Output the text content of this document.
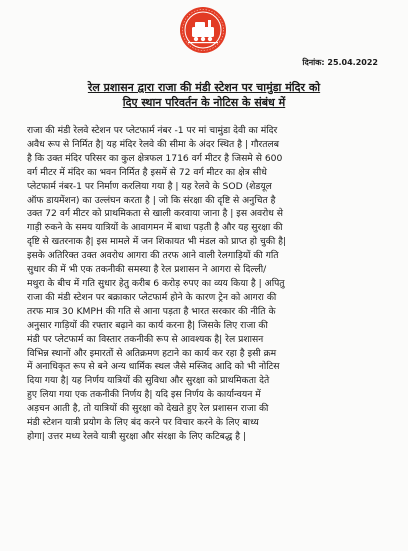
दिनांक: 25.04.2022
रेल प्रशासन द्वारा राजा की मंडी स्टेशन पर चामुंडा मंदिर को
दिए स्थान परिवर्तन के नोटिस के संबंध में
राजा की मंडी रेलवे स्टेशन पर प्लेटफार्म नंबर -1 पर मां चामुंडा देवी का मंदिर
अवैध रूप से निर्मित है| यह मंदिर रेलवे की सीमा के अंदर स्थित है | गौरतलब
है कि उक्त मंदिर परिसर का कुल क्षेत्रफल 1716 वर्ग मीटर है जिसमे से 600
वर्ग मीटर में मंदिर का भवन निर्मित है इसमें से 72 वर्ग मीटर का क्षेत्र सीधे
प्लेटफार्म नंबर-1 पर निर्माण करलिया गया है | यह रेलवे के SOD (शेडयूल
ऑफ डायमेंशन) का उल्लंघन करता है | जो कि संरक्षा की दृष्टि से अनुचित है
उक्त 72 वर्ग मीटर को प्राथमिकता से खाली करवाया जाना है | इस अवरोध से
गाड़ी रुकने के समय यात्रियों के आवागमन में बाधा पड़ती है और यह सुरक्षा की
दृष्टि से खतरनाक है| इस मामले में जन शिकायत भी मंडल को प्राप्त हो चुकी है|
इसके अतिरिक्त उक्त अवरोध आगरा की तरफ आने वाली रेलगाड़ियों की गति
सुधार की में भी एक तकनीकी समस्या है रेल प्रशासन ने आगरा से दिल्ली/
मथुरा के बीच में गति सुधार हेतु करीब 6 करोड़ रुपए का व्यय किया है | अपितु
राजा की मंडी स्टेशन पर बक्राकार प्लेटफार्म होने के कारण ट्रेन को आगरा की
तरफ मात्र 30 KMPH की गति से आना पड़ता है भारत सरकार की नीति के
अनुसार गाड़ियों की रफ्तार बढ़ाने का कार्य करना है| जिसके लिए राजा की
मंडी पर प्लेटफार्म का विस्तार तकनीकी रूप से आवश्यक है| रेल प्रशासन
विभिन्न स्थानों और इमारतों से अतिक्रमण हटाने का कार्य कर रहा है इसी क्रम
में अनाधिकृत रूप से बने अन्य धार्मिक स्थल जैसे मस्जिद आदि को भी नोटिस
दिया गया है| यह निर्णय यात्रियों की सुविधा और सुरक्षा को प्राथमिकता देते
हुए लिया गया एक तकनीकी निर्णय है| यदि इस निर्णय के कार्यान्वयन में
अड़चन आती है, तो यात्रियों की सुरक्षा को देखते हुए रेल प्रशासन राजा की
मंडी स्टेशन यात्री प्रयोग के लिए बंद करने पर विचार करने के लिए बाध्य
होगा| उत्तर मध्य रेलवे यात्री सुरक्षा और संरक्षा के लिए कटिबद्ध है |
